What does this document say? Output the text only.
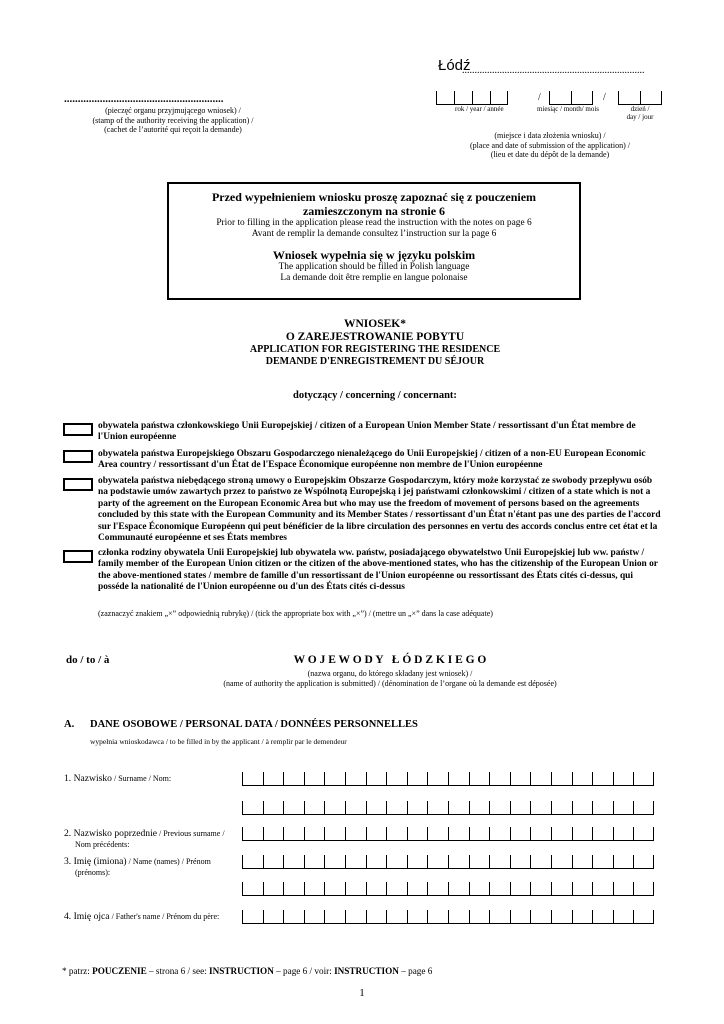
Łódź
.........................................................................
..........................................................
(pieczęć organu przyjmującego wniosek) /
(stamp of the authority receiving the application) /
(cachet de l’autorité qui reçoit la demande)
/	/
rok / year / année	miesiąc / month/ mois	dzień /
day / jour
(miejsce i data złożenia wniosku) /
(place and date of submission of the application) /
(lieu et date du dépôt de la demande)
Przed wypełnieniem wniosku proszę zapoznać się z pouczeniem
zamieszczonym na stronie 6
Prior to filling in the application please read the instruction with the notes on page 6
Avant de remplir la demande consultez l’instruction sur la page 6
Wniosek wypełnia się w języku polskim
The application should be filled in Polish language
La demande doit être remplie en langue polonaise
WNIOSEK*
O ZAREJESTROWANIE POBYTU
APPLICATION FOR REGISTERING THE RESIDENCE
DEMANDE D'ENREGISTREMENT DU SÉJOUR
dotyczący / concerning / concernant:
obywatela państwa członkowskiego Unii Europejskiej / citizen of a European Union Member State / ressortissant d'un État membre de l'Union européenne
obywatela państwa Europejskiego Obszaru Gospodarczego nienależącego do Unii Europejskiej / citizen of a non-EU European Economic Area country / ressortissant d'un État de l'Espace Économique européenne non membre de l'Union européenne
obywatela państwa niebędącego stroną umowy o Europejskim Obszarze Gospodarczym, który może korzystać ze swobody przepływu osób na podstawie umów zawartych przez to państwo ze Wspólnotą Europejską i jej państwami członkowskimi / citizen of a state which is not a party of the agreement on the European Economic Area but who may use the freedom of movement of persons based on the agreements concluded by this state with the European Community and its Member States / ressortissant d'un État n'étant pas une des parties de l'accord sur l'Espace Économique Européenn qui peut bénéficier de la libre circulation des personnes en vertu des accords conclus entre cet état et la Communauté européenne et ses États membres
członka rodziny obywatela Unii Europejskiej lub obywatela ww. państw, posiadającego obywatelstwo Unii Europejskiej lub ww. państw / family member of the European Union citizen or the citizen of the above-mentioned states, who has the citizenship of the European Union or the above-mentioned states / membre de famille d'un ressortissant de l'Union européenne ou ressortissant des États cités ci-dessus, qui posséde la nationalité de l'Union européenne ou d'un des États cités ci-dessus
(zaznaczyć znakiem „×” odpowiednią rubrykę) / (tick the appropriate box with „×”) / (mettre un „×” dans la case adéquate)
do / to / à	W O J E W O D Y   Ł Ó D Z K I E G O
(nazwa organu, do którego składany jest wniosek) /
(name of authority the application is submitted) / (dénomination de l’organe où la demande est déposée)
A. DANE OSOBOWE / PERSONAL DATA / DONNÉES PERSONNELLES
wypełnia wnioskodawca / to be filled in by the applicant / à remplir par le demendeur
1. Nazwisko / Surname / Nom:
2. Nazwisko poprzednie / Previous surname /
Nom précédents:
3. Imię (imiona) / Name (names) / Prénom
(prénoms):
4. Imię ojca / Father's name / Prénom du pѐre:
* patrz: POUCZENIE – strona 6 / see: INSTRUCTION – page 6 / voir: INSTRUCTION – page 6
1
